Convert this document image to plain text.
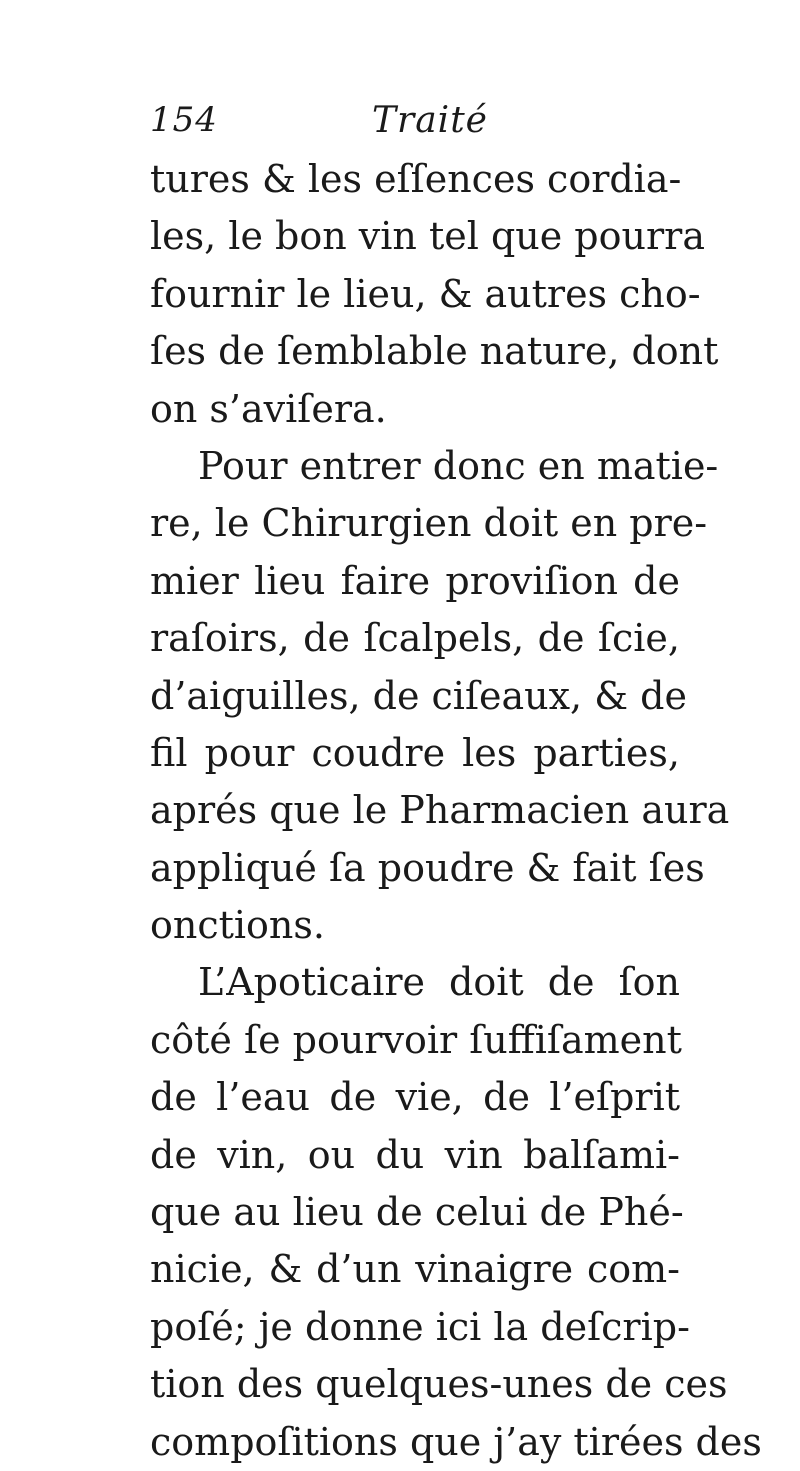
154	Traité
tures & les eſſences cordia-
les, le bon vin tel que pourra
fournir le lieu, & autres cho-
ſes de ſemblable nature, dont
on s’aviſera.
Pour entrer donc en matie-
re, le Chirurgien doit en pre-
mier lieu faire proviſion de
raſoirs, de ſcalpels, de ſcie,
d’aiguilles, de ciſeaux, & de
fil pour coudre les parties,
aprés que le Pharmacien aura
appliqué ſa poudre & fait ſes
onctions.
L’Apoticaire doit de ſon
côté ſe pourvoir ſuffiſament
de l’eau de vie, de l’eſprit
de vin, ou du vin balſami-
que au lieu de celui de Phé-
nicie, & d’un vinaigre com-
poſé; je donne ici la deſcrip-
tion des quelques-unes de ces
compoſitions que j’ay tirées des
